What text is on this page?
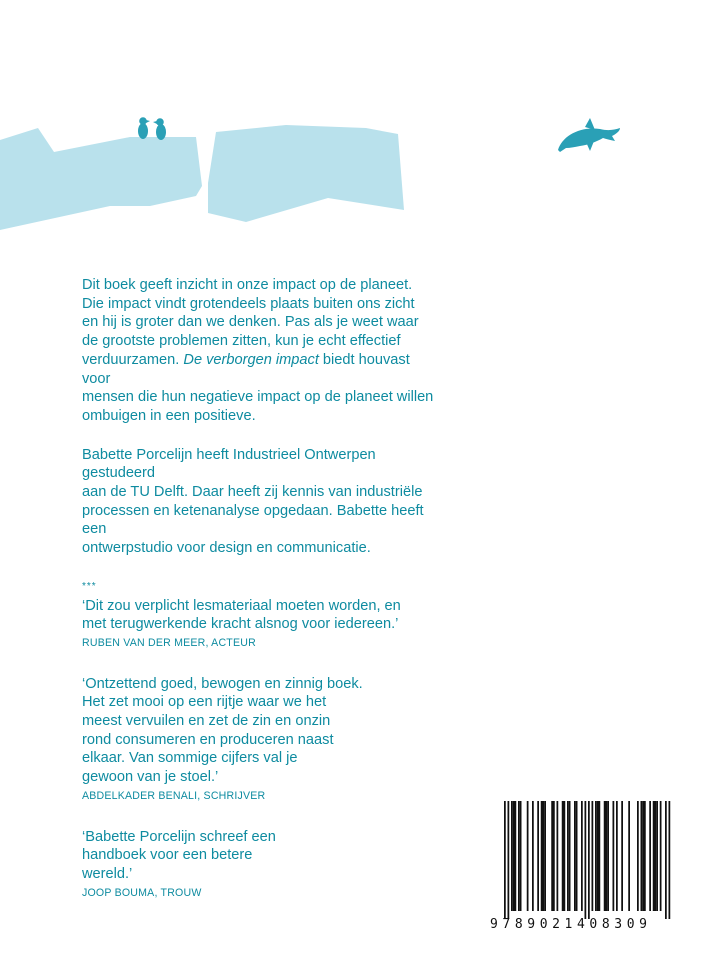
Dit boek geeft inzicht in onze impact op de planeet.

Die impact vindt grotendeels plaats buiten ons zicht

en hij is groter dan we denken. Pas als je weet waar

de grootste problemen zitten, kun je echt effectief

verduurzamen. De verborgen impact biedt houvast voor

mensen die hun negatieve impact op de planeet willen

ombuigen in een positieve.

Babette Porcelijn heeft Industrieel Ontwerpen gestudeerd

aan de TU Delft. Daar heeft zij kennis van industriële

processen en ketenanalyse opgedaan. Babette heeft een

ontwerpstudio voor design en communicatie.

***

‘Dit zou verplicht lesmateriaal moeten worden, en

met terugwerkende kracht alsnog voor iedereen.’

RUBEN VAN DER MEER, ACTEUR

‘Ontzettend goed, bewogen en zinnig boek.

Het zet mooi op een rijtje waar we het

meest vervuilen en zet de zin en onzin

rond consumeren en produceren naast

elkaar. Van sommige cijfers val je

gewoon van je stoel.’

ABDELKADER BENALI, SCHRIJVER

‘Babette Porcelijn schreef een

handboek voor een betere

wereld.’

JOOP BOUMA, TROUW

9789021408309
